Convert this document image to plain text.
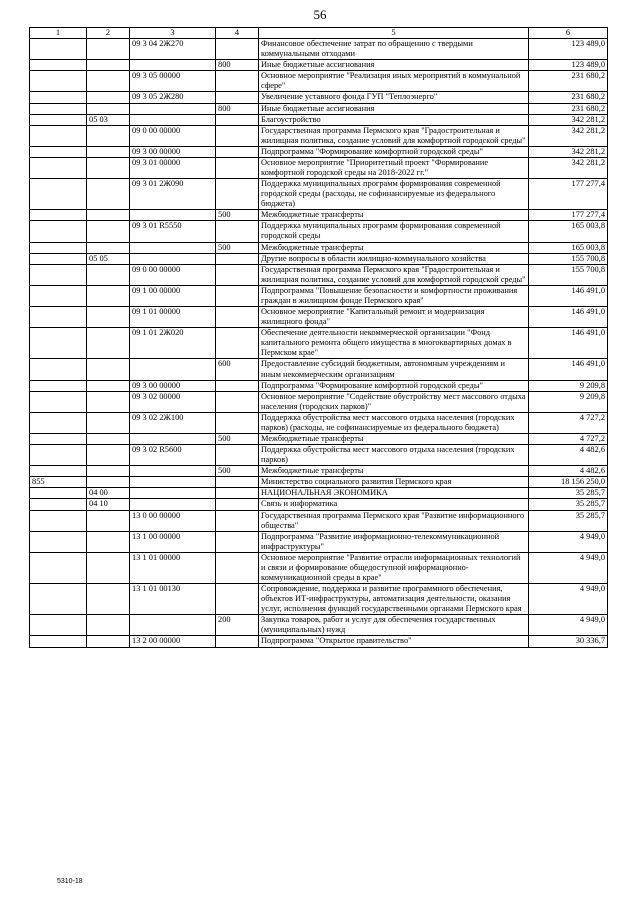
56
1	2	3	4	5	6
		09 3 04 2Ж270		Финансовое обеспечение затрат по обращению с твердыми коммунальными отходами	123 489,0
			800	Иные бюджетные ассигнования	123 489,0
		09 3 05 00000		Основное мероприятие "Реализация иных мероприятий в коммунальной сфере"	231 680,2
		09 3 05 2Ж280		Увеличение уставного фонда ГУП "Теплоэнерго"	231 680,2
			800	Иные бюджетные ассигнования	231 680,2
	05 03			Благоустройство	342 281,2
		09 0 00 00000		Государственная программа Пермского края "Градостроительная и жилищная политика, создание условий для комфортной городской среды"	342 281,2
		09 3 00 00000		Подпрограмма "Формирование комфортной городской среды"	342 281,2
		09 3 01 00000		Основное мероприятие "Приоритетный проект "Формирование комфортной городской среды на 2018-2022 гг."	342 281,2
		09 3 01 2Ж090		Поддержка муниципальных программ формирования современной городской среды (расходы, не софинансируемые из федерального бюджета)	177 277,4
			500	Межбюджетные трансферты	177 277,4
		09 3 01 R5550		Поддержка муниципальных программ формирования современной городской среды	165 003,8
			500	Межбюджетные трансферты	165 003,8
	05 05			Другие вопросы в области жилищно-коммунального хозяйства	155 700,8
		09 0 00 00000		Государственная программа Пермского края "Градостроительная и жилищная политика, создание условий для комфортной городской среды"	155 700,8
		09 1 00 00000		Подпрограмма "Повышение безопасности и комфортности проживания граждан в жилищном фонде Пермского края"	146 491,0
		09 1 01 00000		Основное мероприятие "Капитальный ремонт и модернизация жилищного фонда"	146 491,0
		09 1 01 2Ж020		Обеспечение деятельности некоммерческой организации "Фонд капитального ремонта общего имущества в многоквартирных домах в Пермском крае"	146 491,0
			600	Предоставление субсидий бюджетным, автономным учреждениям и иным некоммерческим организациям	146 491,0
		09 3 00 00000		Подпрограмма "Формирование комфортной городской среды"	9 209,8
		09 3 02 00000		Основное мероприятие "Содействие обустройству мест массового отдыха населения (городских парков)"	9 209,8
		09 3 02 2Ж100		Поддержка обустройства мест массового отдыха населения (городских парков) (расходы, не софинансируемые из федерального бюджета)	4 727,2
			500	Межбюджетные трансферты	4 727,2
		09 3 02 R5600		Поддержка обустройства мест массового отдыха населения (городских парков)	4 482,6
			500	Межбюджетные трансферты	4 482,6
855				Министерство социального развития Пермского края	18 156 250,0
	04 00			НАЦИОНАЛЬНАЯ ЭКОНОМИКА	35 285,7
	04 10			Связь и информатика	35 285,7
		13 0 00 00000		Государственная программа Пермского края "Развитие информационного общества"	35 285,7
		13 1 00 00000		Подпрограмма "Развитие информационно-телекоммуникационной инфраструктуры"	4 949,0
		13 1 01 00000		Основное мероприятие "Развитие отрасли информационных технологий и связи и формирование общедоступной информационно-коммуникационной среды в крае"	4 949,0
		13 1 01 00130		Сопровождение, поддержка и развитие программного обеспечения, объектов ИТ-инфраструктуры, автоматизация деятельности, оказания услуг, исполнения функций государственными органами Пермского края	4 949,0
			200	Закупка товаров, работ и услуг для обеспечения государственных (муниципальных) нужд	4 949,0
		13 2 00 00000		Подпрограмма "Открытое правительство"	30 336,7
5310-18
